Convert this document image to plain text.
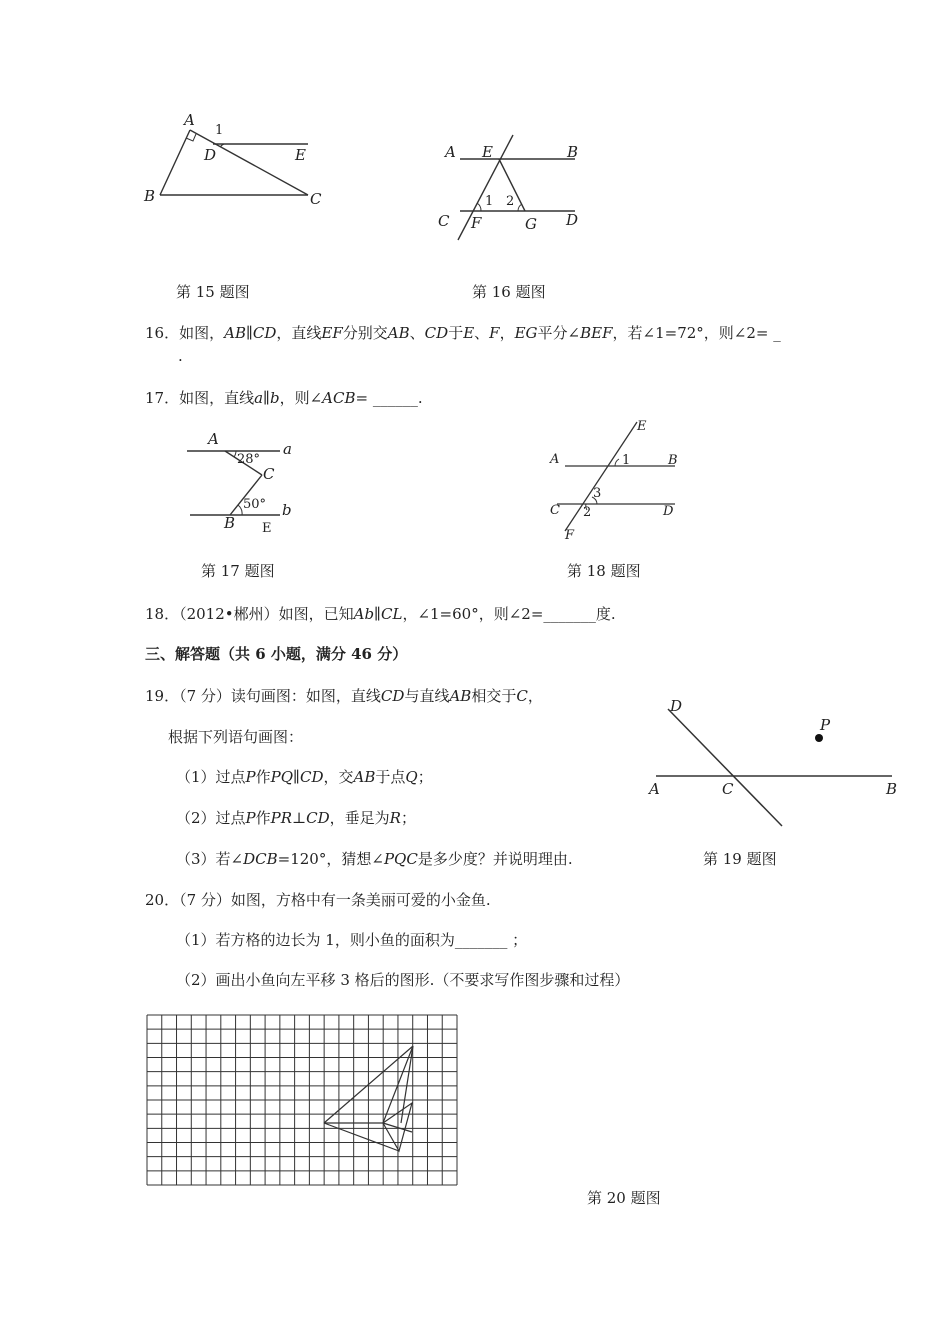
A
1
D	E
B	C
第 15 题图
A E	B
1 2
C F	G D
第 16 题图
16．如图，AB∥CD，直线EF分别交AB、CD于E、F，EG平分∠BEF，若∠1=72°，则∠2= _
.
17．如图，直线a∥b，则∠ACB= ______.
A
a
28°
C
50° b
B E
第 17 题图
E
A	1	B
3
C 2	D
F
第 18 题图
18．（2012•郴州）如图，已知Ab∥CL，∠1=60°，则∠2=_______度.
三、解答题（共 6 小题，满分 46 分）
19．（7 分）读句画图：如图，直线CD与直线AB相交于C，
根据下列语句画图：
（1）过点P作PQ∥CD，交AB于点Q；
（2）过点P作PR⊥CD，垂足为R；
（3）若∠DCB=120°，猜想∠PQC是多少度？并说明理由.
D
P
A	C	B
第 19 题图
20．（7 分）如图，方格中有一条美丽可爱的小金鱼.
（1）若方格的边长为 1，则小鱼的面积为_______ ；
（2）画出小鱼向左平移 3 格后的图形.（不要求写作图步骤和过程）
第 20 题图
